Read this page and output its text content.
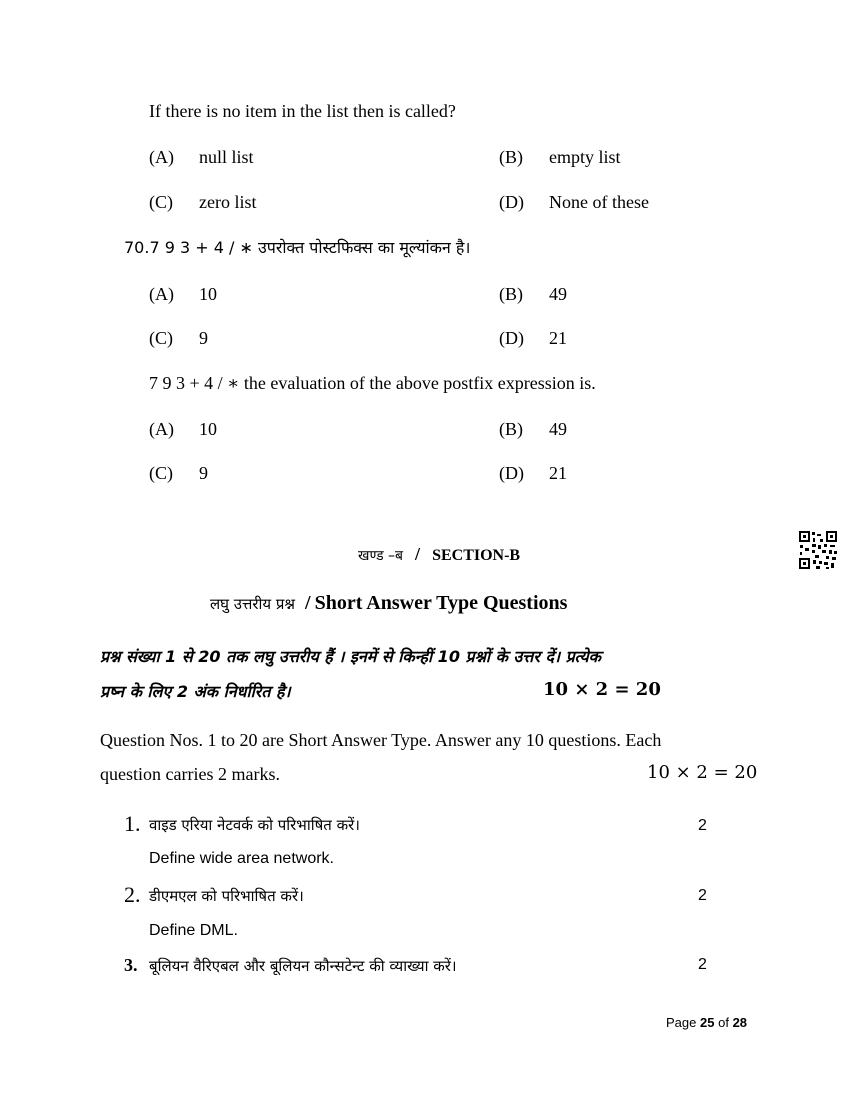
If there is no item in the list then is called?
(A) null list	(B) empty list
(C) zero list	(D) None of these
70.7 9 3 + 4 / ∗ उपरोक्त पोस्टफिक्स का मूल्यांकन है।
(A) 10	(B) 49
(C) 9	(D) 21
7 9 3 + 4 / ∗ the evaluation of the above postfix expression is.
(A) 10	(B) 49
(C) 9	(D) 21
खण्ड –ब / SECTION-B
लघु उत्तरीय प्रश्न / Short Answer Type Questions
प्रश्न संख्या 1 से 20 तक लघु उत्तरीय हैं । इनमें से किन्हीं 10 प्रश्नों के उत्तर दें। प्रत्येक
प्रष्न के लिए 2 अंक निर्धारित है।	10 × 2 = 20
Question Nos. 1 to 20 are Short Answer Type. Answer any 10 questions. Each
question carries 2 marks.	10 × 2 = 20
1. वाइड एरिया नेटवर्क को परिभाषित करें।	2
Define wide area network.
2. डीएमएल को परिभाषित करें।	2
Define DML.
3. बूलियन वैरिएबल और बूलियन कौन्सटेन्ट की व्याख्या करें।	2
Page 25 of 28
